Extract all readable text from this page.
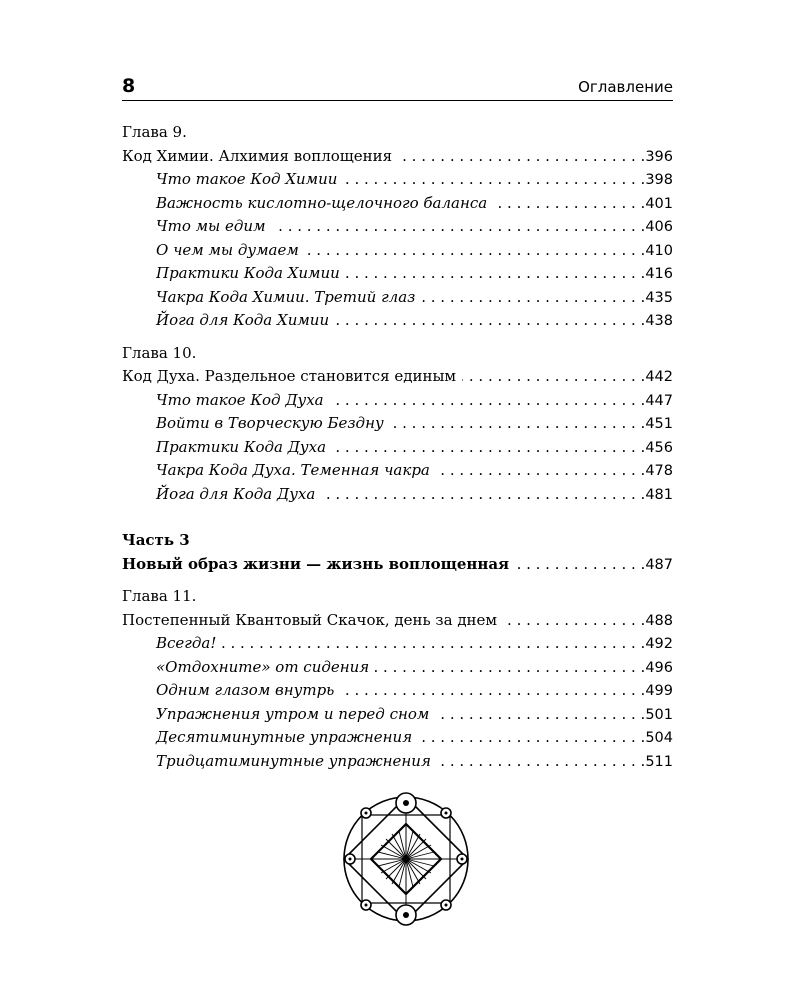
8	Оглавление
Глава 9.
Код Химии. Алхимия воплощения . . .	396
Что такое Код Химии . . .	398
Важность кислотно-щелочного баланса . . .	401
Что мы едим . . .	406
О чем мы думаем . . .	410
Практики Кода Химии . . .	416
Чакра Кода Химии. Третий глаз . . .	435
Йога для Кода Химии . . .	438
Глава 10.
Код Духа. Раздельное становится единым . . .	442
Что такое Код Духа . . .	447
Войти в Творческую Бездну . . .	451
Практики Кода Духа . . .	456
Чакра Кода Духа. Теменная чакра . . .	478
Йога для Кода Духа . . .	481
Часть 3
Новый образ жизни — жизнь воплощенная . . .	487
Глава 11.
Постепенный Квантовый Скачок, день за днем . . .	488
Всегда! . . .	492
«Отдохните» от сидения . . .	496
Одним глазом внутрь . . .	499
Упражнения утром и перед сном . . .	501
Десятиминутные упражнения . . .	504
Тридцатиминутные упражнения . . .	511
